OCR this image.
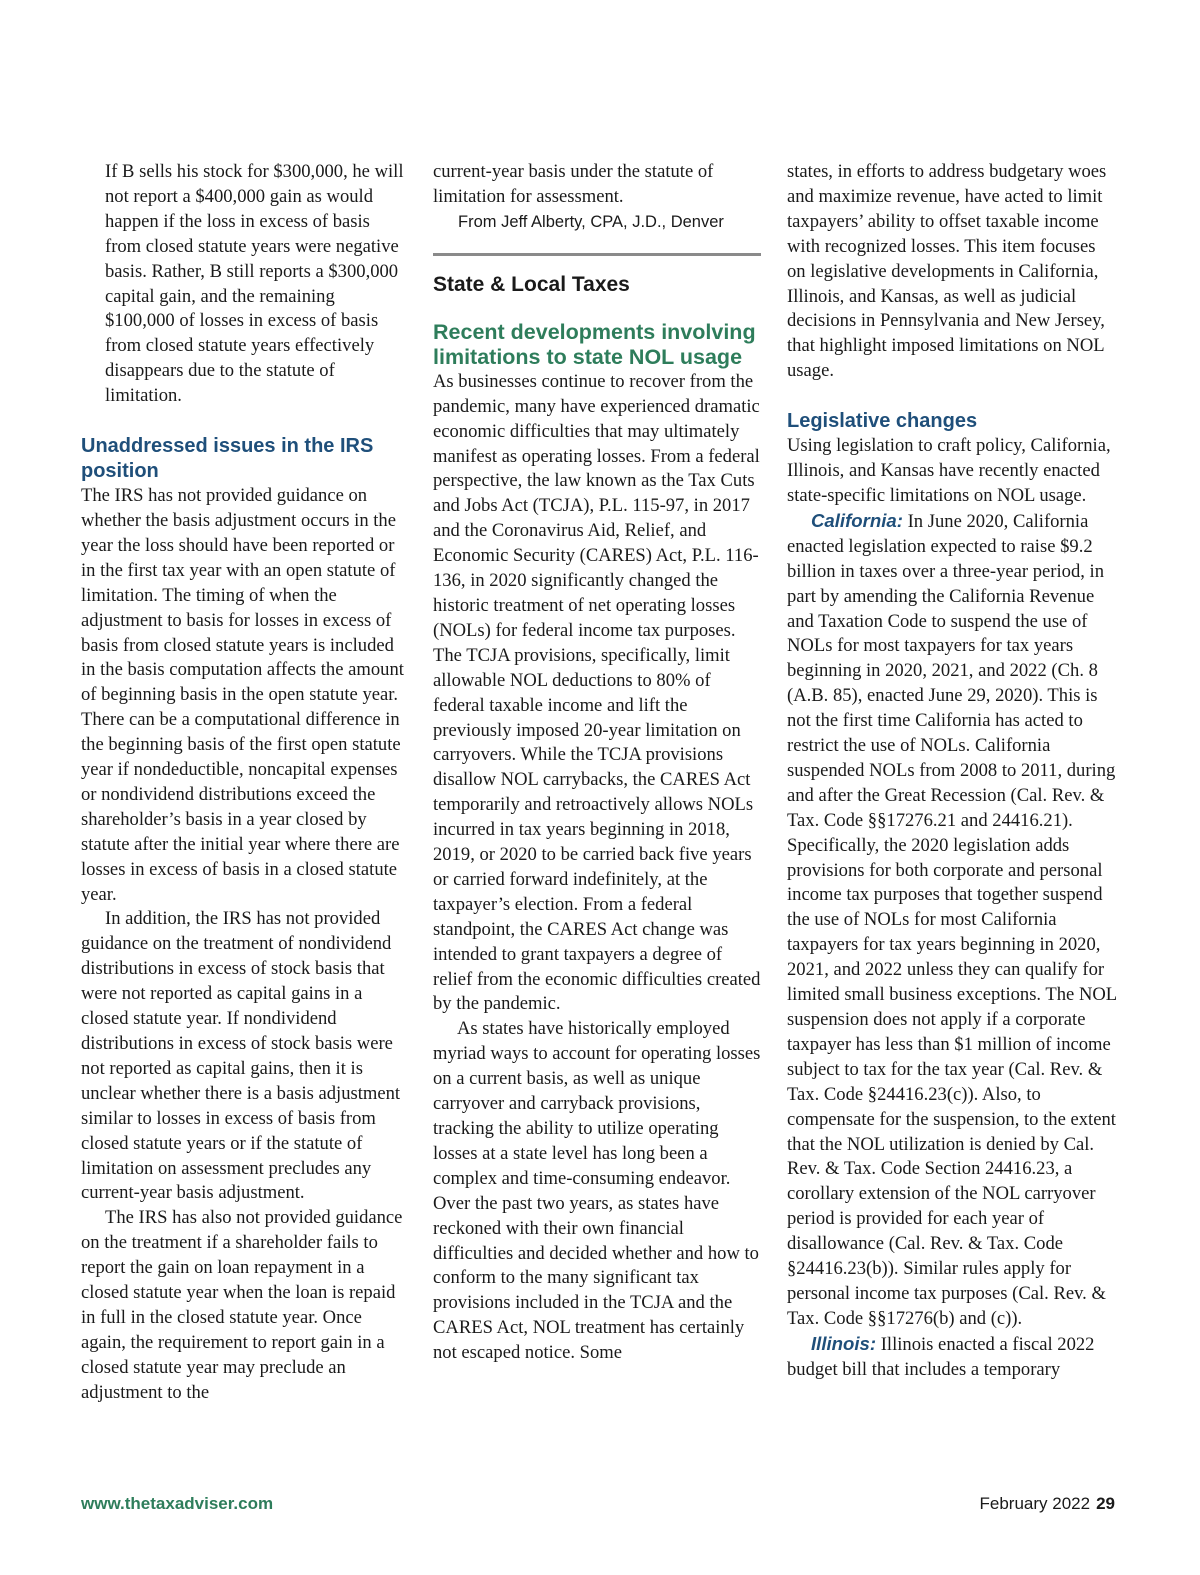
If B sells his stock for $300,000, he will not report a $400,000 gain as would happen if the loss in excess of basis from closed statute years were negative basis. Rather, B still reports a $300,000 capital gain, and the remaining $100,000 of losses in excess of basis from closed statute years effectively disappears due to the statute of limitation.

Unaddressed issues in the IRS position

The IRS has not provided guidance on whether the basis adjustment occurs in the year the loss should have been reported or in the first tax year with an open statute of limitation. The timing of when the adjustment to basis for losses in excess of basis from closed statute years is included in the basis computation affects the amount of beginning basis in the open statute year. There can be a computational difference in the beginning basis of the first open statute year if nondeductible, noncapital expenses or nondividend distributions exceed the shareholder’s basis in a year closed by statute after the initial year where there are losses in excess of basis in a closed statute year.

In addition, the IRS has not provided guidance on the treatment of nondividend distributions in excess of stock basis that were not reported as capital gains in a closed statute year. If nondividend distributions in excess of stock basis were not reported as capital gains, then it is unclear whether there is a basis adjustment similar to losses in excess of basis from closed statute years or if the statute of limitation on assessment precludes any current-year basis adjustment.

The IRS has also not provided guidance on the treatment if a shareholder fails to report the gain on loan repayment in a closed statute year when the loan is repaid in full in the closed statute year. Once again, the requirement to report gain in a closed statute year may preclude an adjustment to the

current-year basis under the statute of limitation for assessment.

From Jeff Alberty, CPA, J.D., Denver

State & Local Taxes

Recent developments involving limitations to state NOL usage

As businesses continue to recover from the pandemic, many have experienced dramatic economic difficulties that may ultimately manifest as operating losses. From a federal perspective, the law known as the Tax Cuts and Jobs Act (TCJA), P.L. 115-97, in 2017 and the Coronavirus Aid, Relief, and Economic Security (CARES) Act, P.L. 116-136, in 2020 significantly changed the historic treatment of net operating losses (NOLs) for federal income tax purposes. The TCJA provisions, specifically, limit allowable NOL deductions to 80% of federal taxable income and lift the previously imposed 20-year limitation on carryovers. While the TCJA provisions disallow NOL carrybacks, the CARES Act temporarily and retroactively allows NOLs incurred in tax years beginning in 2018, 2019, or 2020 to be carried back five years or carried forward indefinitely, at the taxpayer’s election. From a federal standpoint, the CARES Act change was intended to grant taxpayers a degree of relief from the economic difficulties created by the pandemic.

As states have historically employed myriad ways to account for operating losses on a current basis, as well as unique carryover and carryback provisions, tracking the ability to utilize operating losses at a state level has long been a complex and time-consuming endeavor. Over the past two years, as states have reckoned with their own financial difficulties and decided whether and how to conform to the many significant tax provisions included in the TCJA and the CARES Act, NOL treatment has certainly not escaped notice. Some

states, in efforts to address budgetary woes and maximize revenue, have acted to limit taxpayers’ ability to offset taxable income with recognized losses. This item focuses on legislative developments in California, Illinois, and Kansas, as well as judicial decisions in Pennsylvania and New Jersey, that highlight imposed limitations on NOL usage.

Legislative changes

Using legislation to craft policy, California, Illinois, and Kansas have recently enacted state-specific limitations on NOL usage.

California: In June 2020, California enacted legislation expected to raise $9.2 billion in taxes over a three-year period, in part by amending the California Revenue and Taxation Code to suspend the use of NOLs for most taxpayers for tax years beginning in 2020, 2021, and 2022 (Ch. 8 (A.B. 85), enacted June 29, 2020). This is not the first time California has acted to restrict the use of NOLs. California suspended NOLs from 2008 to 2011, during and after the Great Recession (Cal. Rev. & Tax. Code §§17276.21 and 24416.21). Specifically, the 2020 legislation adds provisions for both corporate and personal income tax purposes that together suspend the use of NOLs for most California taxpayers for tax years beginning in 2020, 2021, and 2022 unless they can qualify for limited small business exceptions. The NOL suspension does not apply if a corporate taxpayer has less than $1 million of income subject to tax for the tax year (Cal. Rev. & Tax. Code §24416.23(c)). Also, to compensate for the suspension, to the extent that the NOL utilization is denied by Cal. Rev. & Tax. Code Section 24416.23, a corollary extension of the NOL carryover period is provided for each year of disallowance (Cal. Rev. & Tax. Code §24416.23(b)). Similar rules apply for personal income tax purposes (Cal. Rev. & Tax. Code §§17276(b) and (c)).

Illinois: Illinois enacted a fiscal 2022 budget bill that includes a temporary

www.thetaxadviser.com	February 2022 29
